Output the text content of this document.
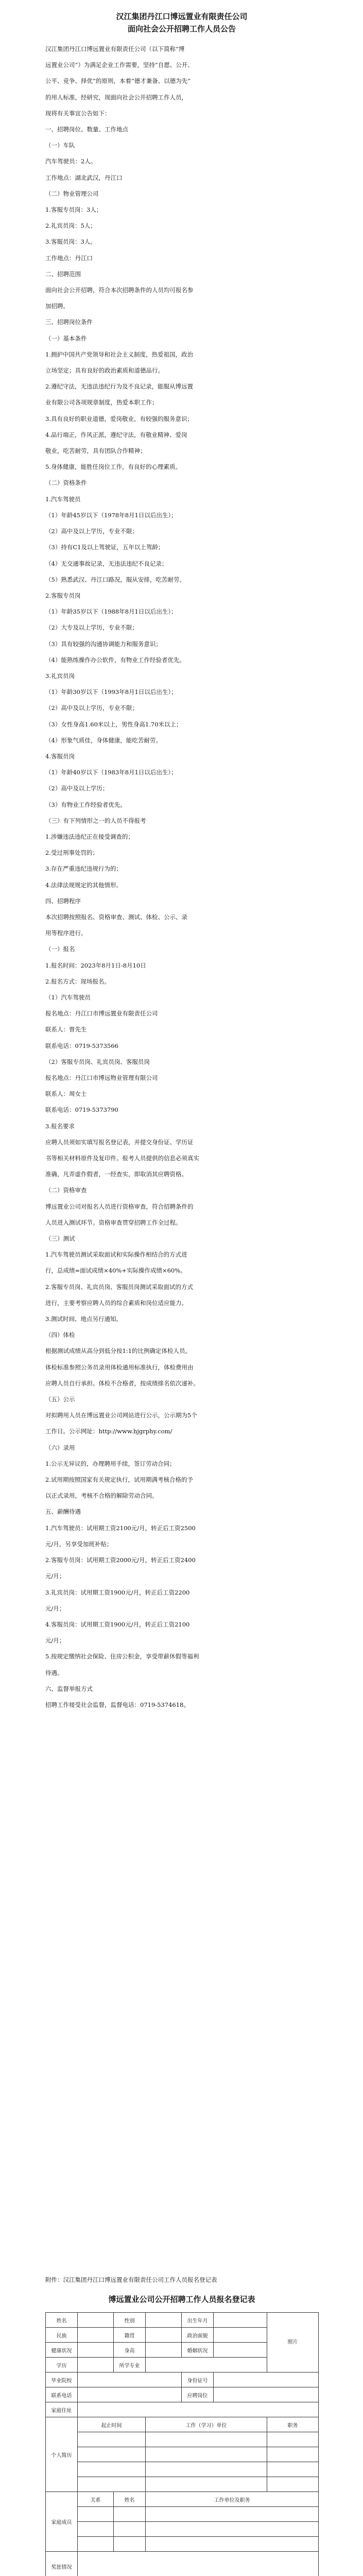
汉江集团丹江口博远置业有限责任公司

面向社会公开招聘工作人员公告

汉江集团丹江口博远置业有限责任公司（以下简称“博

远置业公司”）为满足企业工作需要，坚持“自愿、公开、

公平、竞争、择优”的原则，本着“德才兼备、以德为先”

的用人标准，经研究，现面向社会公开招聘工作人员，

现将有关事宜公告如下：

一、招聘岗位、数量、工作地点

（一）车队

汽车驾驶员：2人。

工作地点：湖北武汉，丹江口

（二）物业管理公司

1.客服专员岗：3人；

2.礼宾员岗：5人；

3.客服员岗：3人。

工作地点：丹江口

二、招聘范围

面向社会公开招聘，符合本次招聘条件的人员均可报名参

加招聘。

三、招聘岗位条件

（一）基本条件

1.拥护中国共产党领导和社会主义制度，热爱祖国，政治

立场坚定；具有良好的政治素质和道德品行。

2.遵纪守法，无违法违纪行为及不良记录，能服从博远置

业有限公司各项规章制度，热爱本职工作；

3.具有良好的职业道德，爱岗敬业，有较强的服务意识；

4.品行端正，作风正派，遵纪守法，有敬业精神、爱岗

敬业，吃苦耐劳，具有团队合作精神；

5.身体健康，能胜任岗位工作，有良好的心理素质。

（二）资格条件

1.汽车驾驶员

（1）年龄45岁以下（1978年8月1日以后出生）；

（2）高中及以上学历，专业不限；

（3）持有C1及以上驾驶证，五年以上驾龄；

（4）无交通事故记录，无违法违纪不良记录；

（5）熟悉武汉、丹江口路况，服从安排，吃苦耐劳。

2.客服专员岗

（1）年龄35岁以下（1988年8月1日以后出生）；

（2）大专及以上学历，专业不限；

（3）具有较强的沟通协调能力和服务意识；

（4）能熟练操作办公软件，有物业工作经验者优先。

3.礼宾员岗

（1）年龄30岁以下（1993年8月1日以后出生）；

（2）高中及以上学历，专业不限；

（3）女性身高1.60米以上，男性身高1.70米以上；

（4）形象气质佳，身体健康，能吃苦耐劳。

4.客服员岗

（1）年龄40岁以下（1983年8月1日以后出生）；

（2）高中及以上学历；

（3）有物业工作经验者优先。

（三）有下列情形之一的人员不得报考

1.涉嫌违法违纪正在接受调查的；

2.受过刑事处罚的；

3.存在严重违纪违规行为的；

4.法律法规规定的其他情形。

四、招聘程序

本次招聘按照报名、资格审查、测试、体检、公示、录

用等程序进行。

（一）报名

1.报名时间：2023年8月1日-8月10日

2.报名方式：现场报名。

（1）汽车驾驶员

报名地点：丹江口市博远置业有限责任公司

联系人：曾先生

联系电话：0719-5373566

（2）客服专员岗、礼宾员岗、客服员岗

报名地点：丹江口市博远物业管理有限公司

联系人：周女士

联系电话：0719-5373790

3.报名要求

应聘人员须如实填写报名登记表，并提交身份证、学历证

书等相关材料原件及复印件。报考人员提供的信息必须真实

准确，凡弄虚作假者，一经查实，即取消其应聘资格。

（二）资格审查

博远置业公司对报名人员进行资格审查，符合招聘条件的

人员进入测试环节。资格审查贯穿招聘工作全过程。

（三）测试

1.汽车驾驶员测试采取面试和实际操作相结合的方式进

行，总成绩=面试成绩×40%+实际操作成绩×60%。

2.客服专员岗、礼宾员岗、客服员岗测试采取面试的方式

进行，主要考察应聘人员的综合素质和岗位适应能力。

3.测试时间、地点另行通知。

（四）体检

根据测试成绩从高分到低分按1:1的比例确定体检人员。

体检标准参照公务员录用体检通用标准执行，体检费用由

应聘人员自行承担。体检不合格者，按成绩排名依次递补。

（五）公示

对拟聘用人员在博远置业公司网站进行公示，公示期为5个

工作日。公示网址：http://www.hjgrphy.com/

（六）录用

1.公示无异议的，办理聘用手续，签订劳动合同；

2.试用期按照国家有关规定执行，试用期满考核合格的予

以正式录用，考核不合格的解除劳动合同。

五、薪酬待遇

1.汽车驾驶员：试用期工资2100元/月，转正后工资2500

元/月，另享受加班补贴；

2.客服专员岗：试用期工资2000元/月，转正后工资2400

元/月；

3.礼宾员岗：试用期工资1900元/月，转正后工资2200

元/月；

4.客服员岗：试用期工资1900元/月，转正后工资2100

元/月；

5.按规定缴纳社会保险、住房公积金，享受带薪休假等福利

待遇。

六、监督举报方式

招聘工作接受社会监督，监督电话：0719-5374618。

附件：汉江集团丹江口博远置业有限责任公司工作人员报名登记表

博远置业公司公开招聘工作人员报名登记表

姓名		性别		出生年月		照片
民族		籍贯		政治面貌		
健康状况		身高		婚姻状况		
学历		所学专业				
毕业院校				身份证号		
联系电话				应聘岗位		
家庭住址						
个人简历	起止时间		工作（学习）单位			职务

家庭成员	关系	姓名	工作单位及职务			

奖惩情况						
